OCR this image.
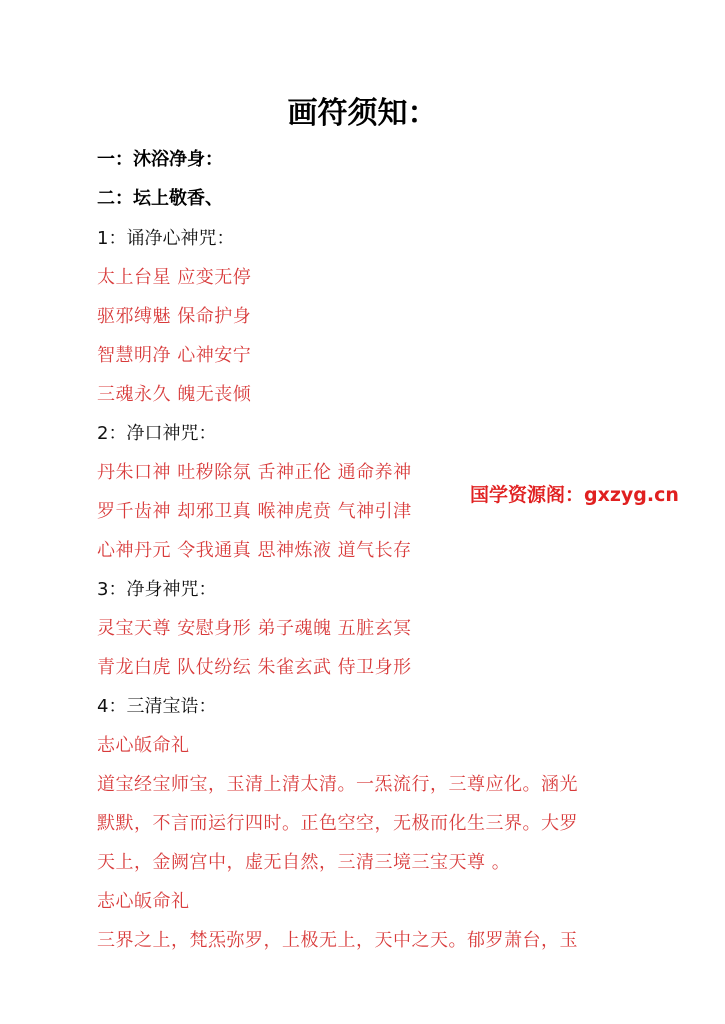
画符须知：
一：沐浴净身：
二：坛上敬香、
1：诵净心神咒：
太上台星 应变无停
驱邪缚魅 保命护身
智慧明净 心神安宁
三魂永久 魄无丧倾
2：净口神咒：
丹朱口神 吐秽除氛 舌神正伦 通命养神
罗千齿神 却邪卫真 喉神虎贲 气神引津
心神丹元 令我通真 思神炼液 道气长存
3：净身神咒：
灵宝天尊 安慰身形 弟子魂魄 五脏玄冥
青龙白虎 队仗纷纭 朱雀玄武 侍卫身形
4：三清宝诰：
志心皈命礼
道宝经宝师宝，玉清上清太清。一炁流行，三尊应化。涵光
默默，不言而运行四时。正色空空，无极而化生三界。大罗
天上，金阙宫中，虚无自然，三清三境三宝天尊 。
志心皈命礼
三界之上，梵炁弥罗，上极无上，天中之天。郁罗萧台，玉
国学资源阁：gxzyg.cn
